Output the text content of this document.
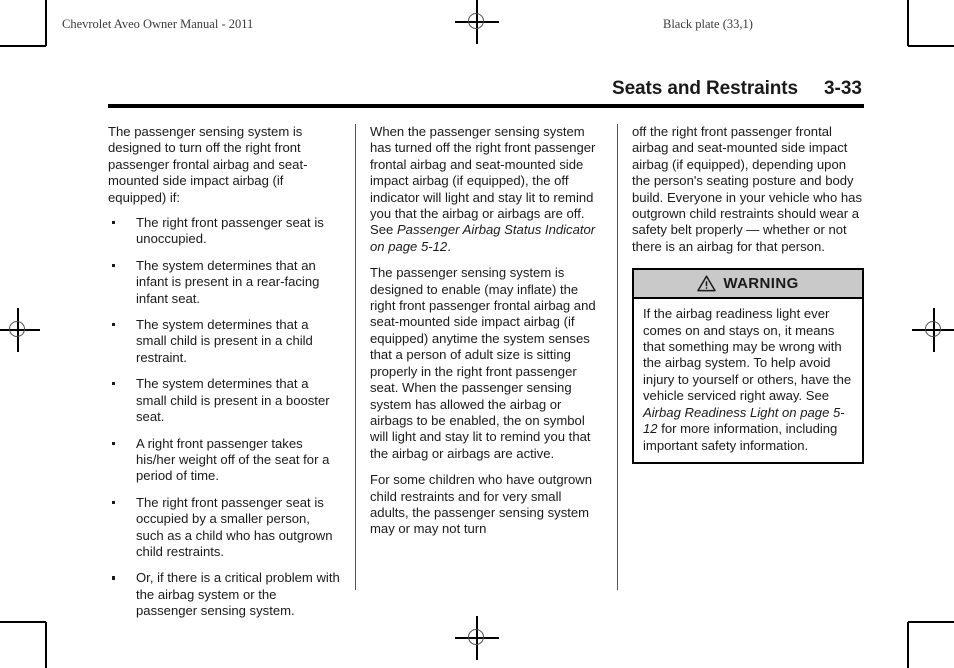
Chevrolet Aveo Owner Manual - 2011	Black plate (33,1)
Seats and Restraints 3-33

The passenger sensing system is designed to turn off the right front passenger frontal airbag and seat-mounted side impact airbag (if equipped) if:

The right front passenger seat is unoccupied.
The system determines that an infant is present in a rear-facing infant seat.
The system determines that a small child is present in a child restraint.
The system determines that a small child is present in a booster seat.
A right front passenger takes his/her weight off of the seat for a period of time.
The right front passenger seat is occupied by a smaller person, such as a child who has outgrown child restraints.
Or, if there is a critical problem with the airbag system or the passenger sensing system.

When the passenger sensing system has turned off the right front passenger frontal airbag and seat-mounted side impact airbag (if equipped), the off indicator will light and stay lit to remind you that the airbag or airbags are off. See Passenger Airbag Status Indicator on page 5-12.

The passenger sensing system is designed to enable (may inflate) the right front passenger frontal airbag and seat-mounted side impact airbag (if equipped) anytime the system senses that a person of adult size is sitting properly in the right front passenger seat. When the passenger sensing system has allowed the airbag or airbags to be enabled, the on symbol will light and stay lit to remind you that the airbag or airbags are active.

For some children who have outgrown child restraints and for very small adults, the passenger sensing system may or may not turn

off the right front passenger frontal airbag and seat-mounted side impact airbag (if equipped), depending upon the person's seating posture and body build. Everyone in your vehicle who has outgrown child restraints should wear a safety belt properly — whether or not there is an airbag for that person.

WARNING

If the airbag readiness light ever comes on and stays on, it means that something may be wrong with the airbag system. To help avoid injury to yourself or others, have the vehicle serviced right away. See Airbag Readiness Light on page 5-12 for more information, including important safety information.
